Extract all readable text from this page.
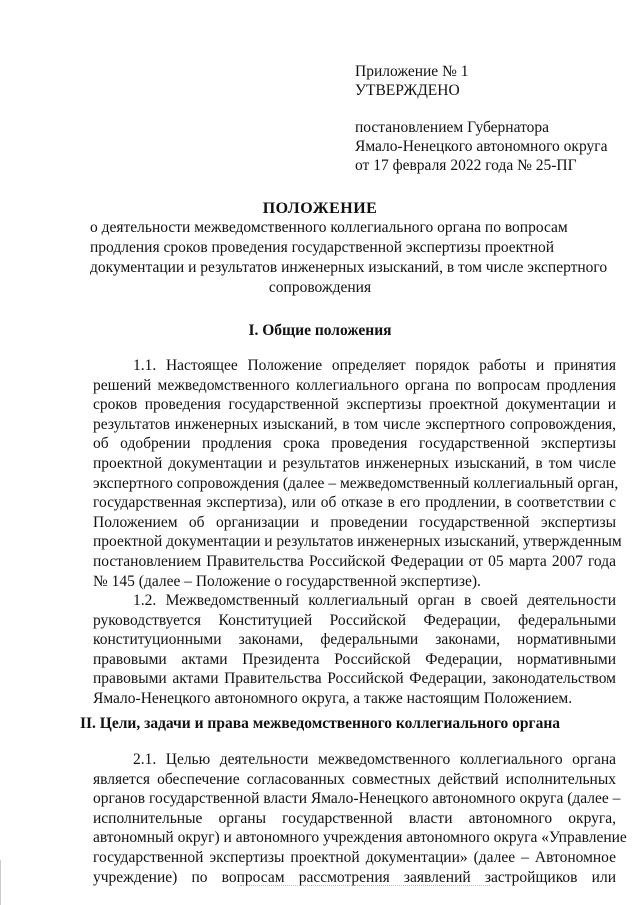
Приложение № 1
УТВЕРЖДЕНО
постановлением Губернатора
Ямало-Ненецкого автономного округа
от 17 февраля 2022 года № 25-ПГ
ПОЛОЖЕНИЕ
о деятельности межведомственного коллегиального органа по вопросам
продления сроков проведения государственной экспертизы проектной
документации и результатов инженерных изысканий, в том числе экспертного
сопровождения
I. Общие положения
1.1. Настоящее Положение определяет порядок работы и принятия
решений межведомственного коллегиального органа по вопросам продления
сроков проведения государственной экспертизы проектной документации и
результатов инженерных изысканий, в том числе экспертного сопровождения,
об одобрении продления срока проведения государственной экспертизы
проектной документации и результатов инженерных изысканий, в том числе
экспертного сопровождения (далее – межведомственный коллегиальный орган,
государственная экспертиза), или об отказе в его продлении, в соответствии с
Положением об организации и проведении государственной экспертизы
проектной документации и результатов инженерных изысканий, утвержденным
постановлением Правительства Российской Федерации от 05 марта 2007 года
№ 145 (далее – Положение о государственной экспертизе).
1.2. Межведомственный коллегиальный орган в своей деятельности
руководствуется Конституцией Российской Федерации, федеральными
конституционными законами, федеральными законами, нормативными
правовыми актами Президента Российской Федерации, нормативными
правовыми актами Правительства Российской Федерации, законодательством
Ямало-Ненецкого автономного округа, а также настоящим Положением.
II. Цели, задачи и права межведомственного коллегиального органа
2.1. Целью деятельности межведомственного коллегиального органа
является обеспечение согласованных совместных действий исполнительных
органов государственной власти Ямало-Ненецкого автономного округа (далее –
исполнительные органы государственной власти автономного округа,
автономный округ) и автономного учреждения автономного округа «Управление
государственной экспертизы проектной документации» (далее – Автономное
учреждение) по вопросам рассмотрения заявлений застройщиков или
